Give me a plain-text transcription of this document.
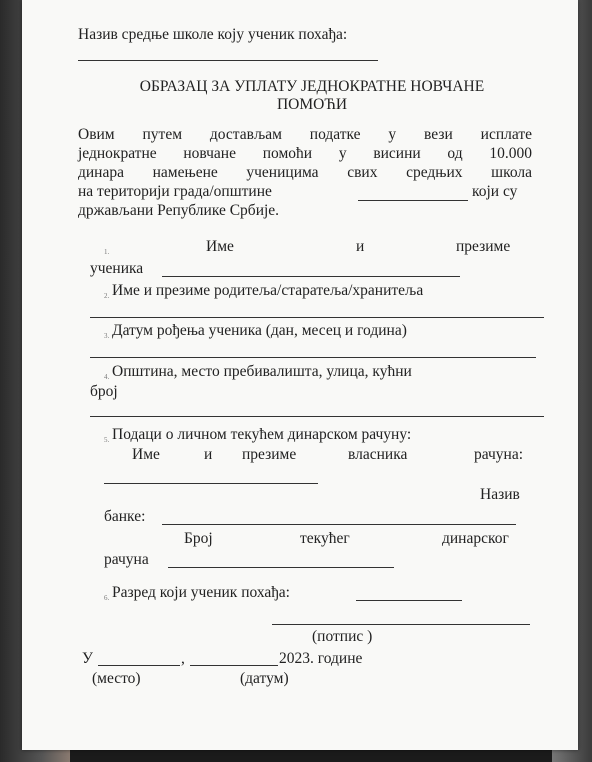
Назив средње школе коју ученик похађа:
ОБРАЗАЦ ЗА УПЛАТУ ЈЕДНОКРАТНЕ НОВЧАНЕ
ПОМОЋИ
Овим путем достављам податке у вези исплате
једнократне новчане помоћи у висини од 10.000
динара намењене ученицима свих средњих школа
на територији града/општине	који су
држављани Републике Србије.
1.	Име	и	презиме
ученика
2. Име и презиме родитеља/старатеља/хранитеља
3. Датум рођења ученика (дан, месец и година)
4. Општина, место пребивалишта, улица, кућни
број
5. Подаци о личном текућем динарском рачуну:
Име	и презиме	власника	рачуна:
Назив
банке:
Број	текућег	динарског
рачуна
6. Разред који ученик похађа:
(потпис )
У	,	2023. године
(место)	(датум)
